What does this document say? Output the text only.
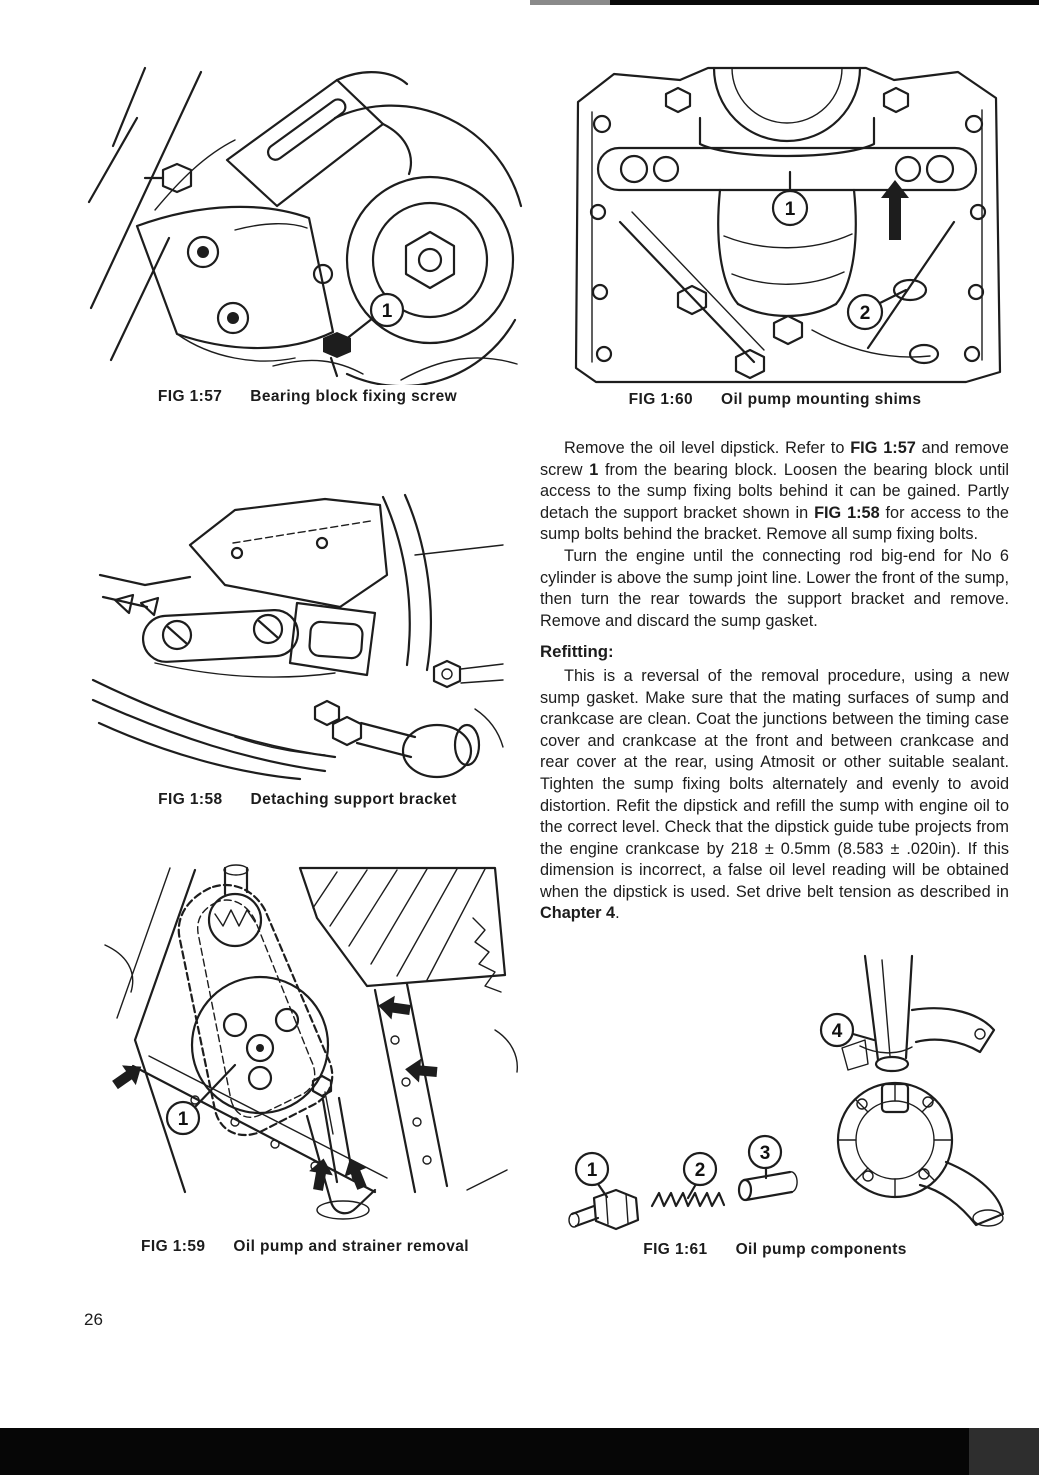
1
1
2
1
1	2
3
4
FIG 1:57 Bearing block fixing screw	FIG 1:60 Oil pump mounting shims
FIG 1:58 Detaching support bracket
FIG 1:59 Oil pump and strainer removal	FIG 1:61 Oil pump components

Remove the oil level dipstick. Refer to FIG 1:57 and remove screw 1 from the bearing block. Loosen the bearing block until access to the sump fixing bolts behind it can be gained. Partly detach the support bracket shown in FIG 1:58 for access to the sump bolts behind the bracket. Remove all sump fixing bolts.

Turn the engine until the connecting rod big-end for No 6 cylinder is above the sump joint line. Lower the front of the sump, then turn the rear towards the support bracket and remove. Remove and discard the sump gasket.

Refitting:

This is a reversal of the removal procedure, using a new sump gasket. Make sure that the mating surfaces of sump and crankcase are clean. Coat the junctions between the timing case cover and crankcase at the front and between crankcase and rear cover at the rear, using Atmosit or other suitable sealant. Tighten the sump fixing bolts alternately and evenly to avoid distortion. Refit the dipstick and refill the sump with engine oil to the correct level. Check that the dipstick guide tube projects from the engine crankcase by 218 ± 0.5mm (8.583 ± .020in). If this dimension is incorrect, a false oil level reading will be obtained when the dipstick is used. Set drive belt tension as described in Chapter 4.

26
